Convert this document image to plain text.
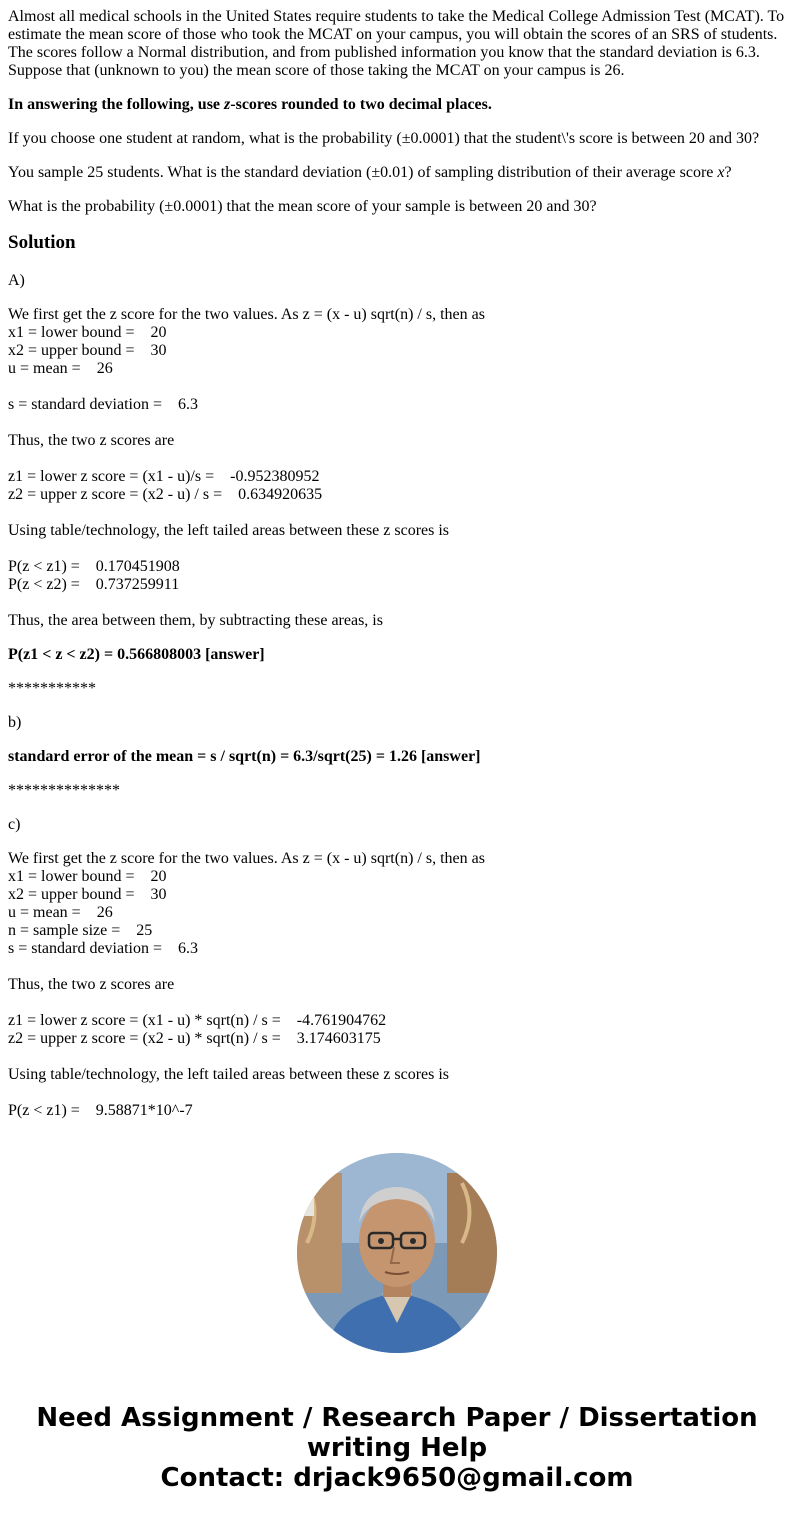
Almost all medical schools in the United States require students to take the Medical College Admission Test (MCAT). To estimate the mean score of those who took the MCAT on your campus, you will obtain the scores of an SRS of students. The scores follow a Normal distribution, and from published information you know that the standard deviation is 6.3. Suppose that (unknown to you) the mean score of those taking the MCAT on your campus is 26.

In answering the following, use z-scores rounded to two decimal places.

If you choose one student at random, what is the probability (±0.0001) that the student\'s score is between 20 and 30?

You sample 25 students. What is the standard deviation (±0.01) of sampling distribution of their average score x?

What is the probability (±0.0001) that the mean score of your sample is between 20 and 30?

Solution

A)

We first get the z score for the two values. As z = (x - u) sqrt(n) / s, then as
x1 = lower bound =    20
x2 = upper bound =    30
u = mean =    26
s = standard deviation =    6.3
Thus, the two z scores are
z1 = lower z score = (x1 - u)/s =    -0.952380952
z2 = upper z score = (x2 - u) / s =    0.634920635
Using table/technology, the left tailed areas between these z scores is
P(z < z1) =    0.170451908
P(z < z2) =    0.737259911
Thus, the area between them, by subtracting these areas, is

P(z1 < z < z2) = 0.566808003 [answer]

***********

b)

standard error of the mean = s / sqrt(n) = 6.3/sqrt(25) = 1.26 [answer]

**************

c)

We first get the z score for the two values. As z = (x - u) sqrt(n) / s, then as
x1 = lower bound =    20
x2 = upper bound =    30
u = mean =    26
n = sample size =    25
s = standard deviation =    6.3
Thus, the two z scores are
z1 = lower z score = (x1 - u) * sqrt(n) / s =    -4.761904762
z2 = upper z score = (x2 - u) * sqrt(n) / s =    3.174603175
Using table/technology, the left tailed areas between these z scores is
P(z < z1) =    9.58871*10^-7

Need Assignment / Research Paper / Dissertation
writing Help
Contact: drjack9650@gmail.com
